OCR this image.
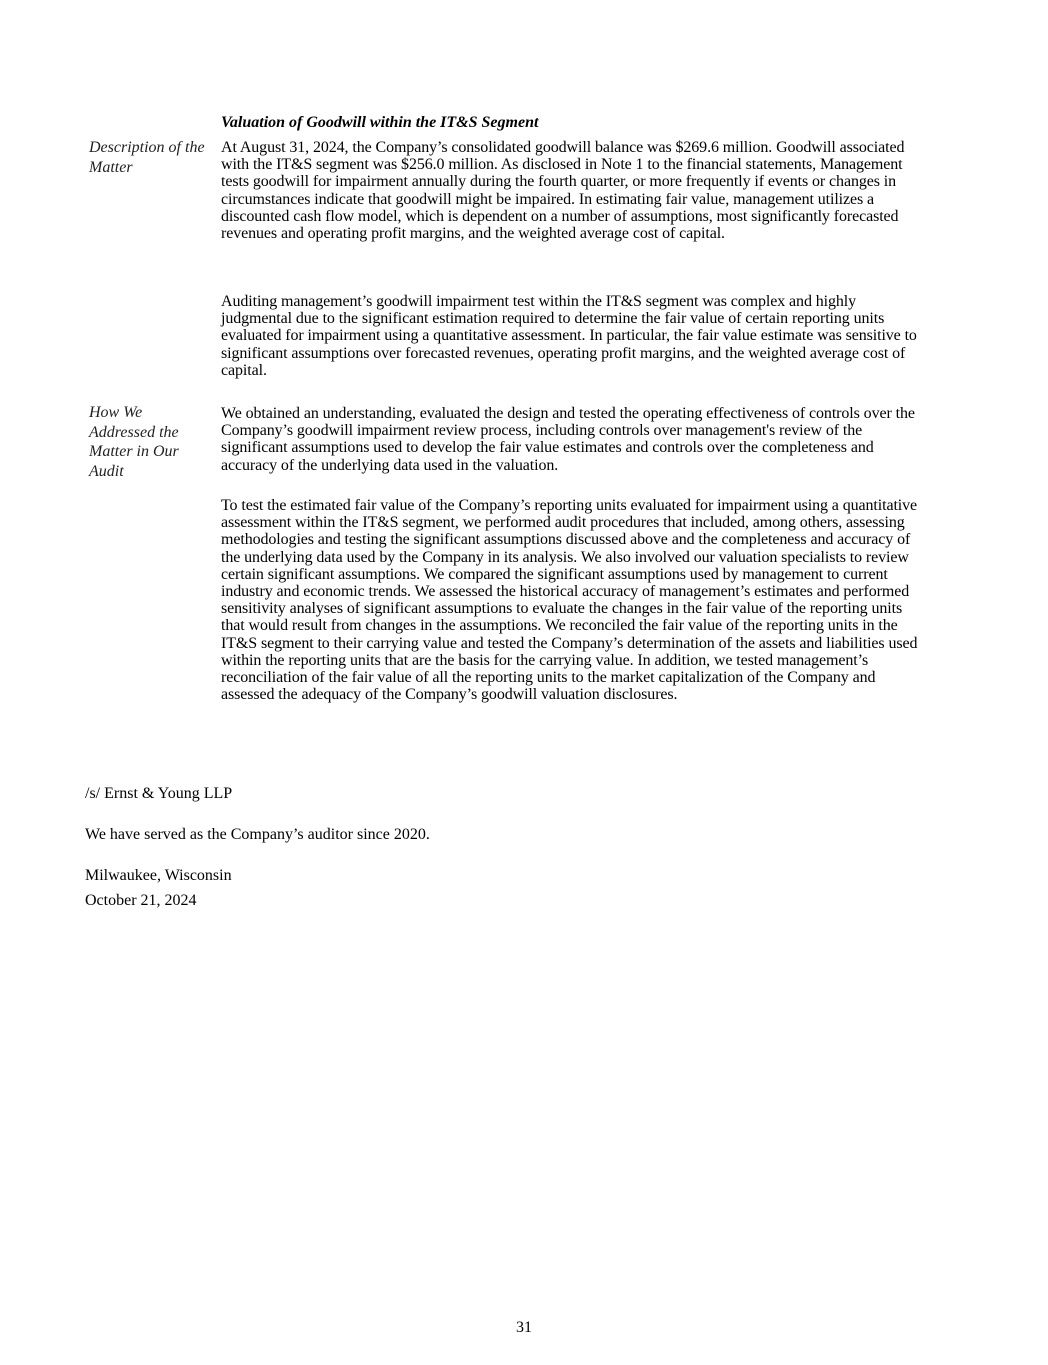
Valuation of Goodwill within the IT&S Segment
Description of the Matter

At August 31, 2024, the Company’s consolidated goodwill balance was $269.6 million. Goodwill associated with the IT&S segment was $256.0 million. As disclosed in Note 1 to the financial statements, Management tests goodwill for impairment annually during the fourth quarter, or more frequently if events or changes in circumstances indicate that goodwill might be impaired. In estimating fair value, management utilizes a discounted cash flow model, which is dependent on a number of assumptions, most significantly forecasted revenues and operating profit margins, and the weighted average cost of capital.

Auditing management’s goodwill impairment test within the IT&S segment was complex and highly judgmental due to the significant estimation required to determine the fair value of certain reporting units evaluated for impairment using a quantitative assessment. In particular, the fair value estimate was sensitive to significant assumptions over forecasted revenues, operating profit margins, and the weighted average cost of capital.

How We Addressed the Matter in Our Audit

We obtained an understanding, evaluated the design and tested the operating effectiveness of controls over the Company’s goodwill impairment review process, including controls over management's review of the significant assumptions used to develop the fair value estimates and controls over the completeness and accuracy of the underlying data used in the valuation.

To test the estimated fair value of the Company’s reporting units evaluated for impairment using a quantitative assessment within the IT&S segment, we performed audit procedures that included, among others, assessing methodologies and testing the significant assumptions discussed above and the completeness and accuracy of the underlying data used by the Company in its analysis. We also involved our valuation specialists to review certain significant assumptions. We compared the significant assumptions used by management to current industry and economic trends. We assessed the historical accuracy of management’s estimates and performed sensitivity analyses of significant assumptions to evaluate the changes in the fair value of the reporting units that would result from changes in the assumptions. We reconciled the fair value of the reporting units in the IT&S segment to their carrying value and tested the Company’s determination of the assets and liabilities used within the reporting units that are the basis for the carrying value. In addition, we tested management’s reconciliation of the fair value of all the reporting units to the market capitalization of the Company and assessed the adequacy of the Company’s goodwill valuation disclosures.

/s/ Ernst & Young LLP
We have served as the Company’s auditor since 2020.
Milwaukee, Wisconsin
October 21, 2024
31
